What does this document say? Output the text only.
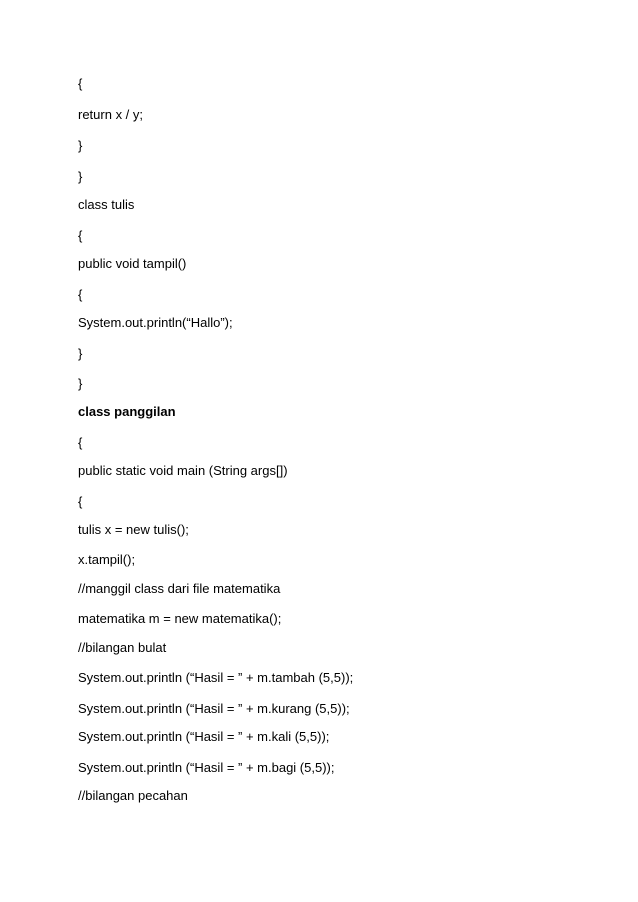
{

return x / y;

}

}

class tulis

{

public void tampil()

{

System.out.println(“Hallo”);

}

}

class panggilan

{

public static void main (String args[])

{

tulis x = new tulis();

x.tampil();

//manggil class dari file matematika

matematika m = new matematika();

//bilangan bulat

System.out.println (“Hasil = ” + m.tambah (5,5));

System.out.println (“Hasil = ” + m.kurang (5,5));

System.out.println (“Hasil = ” + m.kali (5,5));

System.out.println (“Hasil = ” + m.bagi (5,5));

//bilangan pecahan
